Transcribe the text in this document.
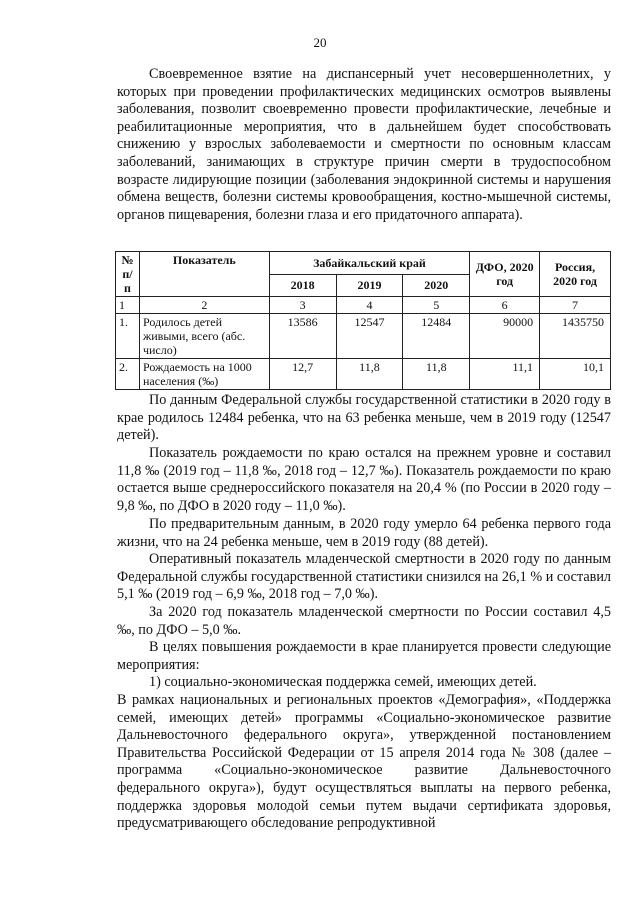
20

Своевременное взятие на диспансерный учет несовершеннолетних, у которых при проведении профилактических медицинских осмотров выявлены заболевания, позволит своевременно провести профилактические, лечебные и реабилитационные мероприятия, что в дальнейшем будет способствовать снижению у взрослых заболеваемости и смертности по основным классам заболеваний, занимающих в структуре причин смерти в трудоспособном возрасте лидирующие позиции (заболевания эндокринной системы и нарушения обмена веществ, болезни системы кровообращения, костно-мышечной системы, органов пищеварения, болезни глаза и его придаточного аппарата).

№ п/п	Показатель	Забайкальский край			ДФО, 2020 год	Россия, 2020 год
		2018	2019	2020		
1	2	3	4	5	6	7
1.	Родилось детей живыми, всего (абс. число)	13586	12547	12484	90000	1435750
2.	Рождаемость на 1000 населения (‰)	12,7	11,8	11,8	11,1	10,1

По данным Федеральной службы государственной статистики в 2020 году в крае родилось 12484 ребенка, что на 63 ребенка меньше, чем в 2019 году (12547 детей).

Показатель рождаемости по краю остался на прежнем уровне и составил 11,8 ‰ (2019 год – 11,8 ‰, 2018 год – 12,7 ‰). Показатель рождаемости по краю остается выше среднероссийского показателя на 20,4 % (по России в 2020 году – 9,8 ‰, по ДФО в 2020 году – 11,0 ‰).

По предварительным данным, в 2020 году умерло 64 ребенка первого года жизни, что на 24 ребенка меньше, чем в 2019 году (88 детей).

Оперативный показатель младенческой смертности в 2020 году по данным Федеральной службы государственной статистики снизился на 26,1 % и составил 5,1 ‰ (2019 год – 6,9 ‰, 2018 год – 7,0 ‰).

За 2020 год показатель младенческой смертности по России составил 4,5 ‰, по ДФО – 5,0 ‰.

В целях повышения рождаемости в крае планируется провести следующие мероприятия:

1) социально-экономическая поддержка семей, имеющих детей.

В рамках национальных и региональных проектов «Демография», «Поддержка семей, имеющих детей» программы «Социально-экономическое развитие Дальневосточного федерального округа», утвержденной постановлением Правительства Российской Федерации от 15 апреля 2014 года № 308 (далее – программа «Социально-экономическое развитие Дальневосточного федерального округа»), будут осуществляться выплаты на первого ребенка, поддержка здоровья молодой семьи путем выдачи сертификата здоровья, предусматривающего обследование репродуктивной
